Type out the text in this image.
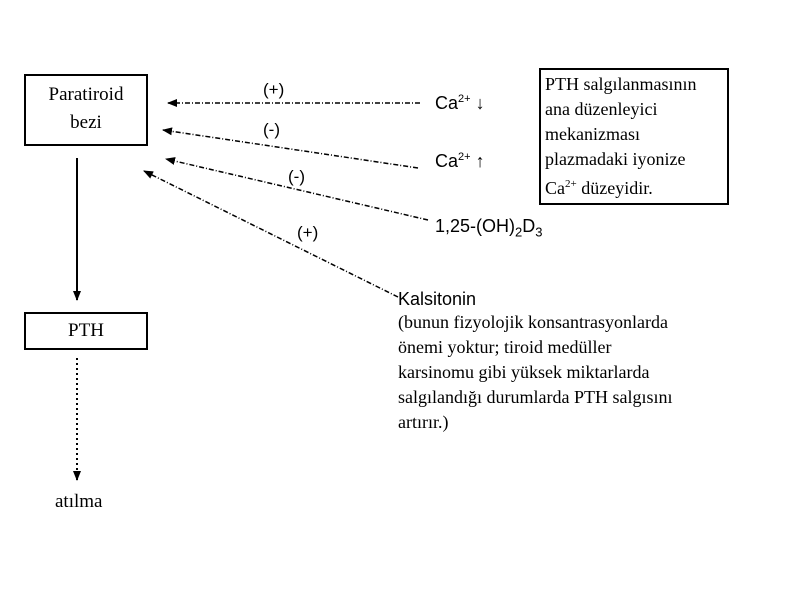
Paratiroid
bezi
PTH
atılma
(+)
(-)
(-)
(+)
$Ca^{2+}$ ↓
$Ca^{2+}$ ↑
$1,25-(OH)_2D_3$
Kalsitonin
(bunun fizyolojik konsantrasyonlarda
önemi yoktur; tiroid medüller
karsinomu gibi yüksek miktarlarda
salgılandığı durumlarda PTH salgısını
artırır.)
PTH salgılanmasının
ana düzenleyici
mekanizması
plazmadaki iyonize
$Ca^{2+}$ düzeyidir.
